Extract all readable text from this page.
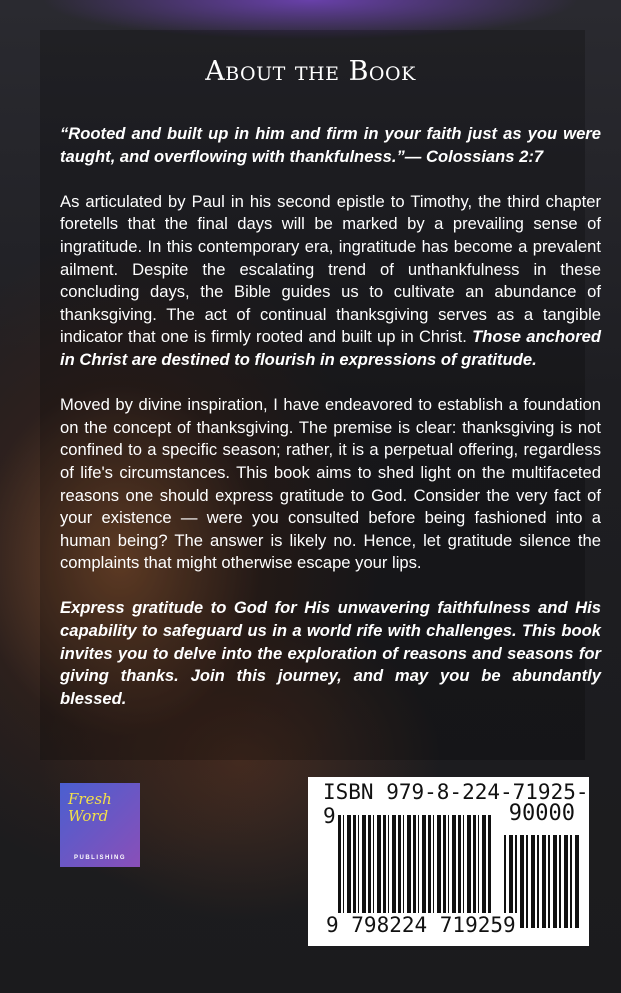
About the Book

“Rooted and built up in him and firm in your faith just as you were taught, and overflowing with thankfulness.”— Colossians 2:7

As articulated by Paul in his second epistle to Timothy, the third chapter foretells that the final days will be marked by a prevailing sense of ingratitude. In this contemporary era, ingratitude has become a prevalent ailment. Despite the escalating trend of unthankfulness in these concluding days, the Bible guides us to cultivate an abundance of thanksgiving. The act of continual thanksgiving serves as a tangible indicator that one is firmly rooted and built up in Christ. Those anchored in Christ are destined to flourish in expressions of gratitude.

Moved by divine inspiration, I have endeavored to establish a foundation on the concept of thanksgiving. The premise is clear: thanksgiving is not confined to a specific season; rather, it is a perpetual offering, regardless of life's circumstances. This book aims to shed light on the multifaceted reasons one should express gratitude to God. Consider the very fact of your existence — were you consulted before being fashioned into a human being? The answer is likely no. Hence, let gratitude silence the complaints that might otherwise escape your lips.

Express gratitude to God for His unwavering faithfulness and His capability to safeguard us in a world rife with challenges. This book invites you to delve into the exploration of reasons and seasons for giving thanks. Join this journey, and may you be abundantly blessed.

Fresh Word
PUBLISHING
ISBN 979-8-224-71925-9	90000
9 798224 719259
